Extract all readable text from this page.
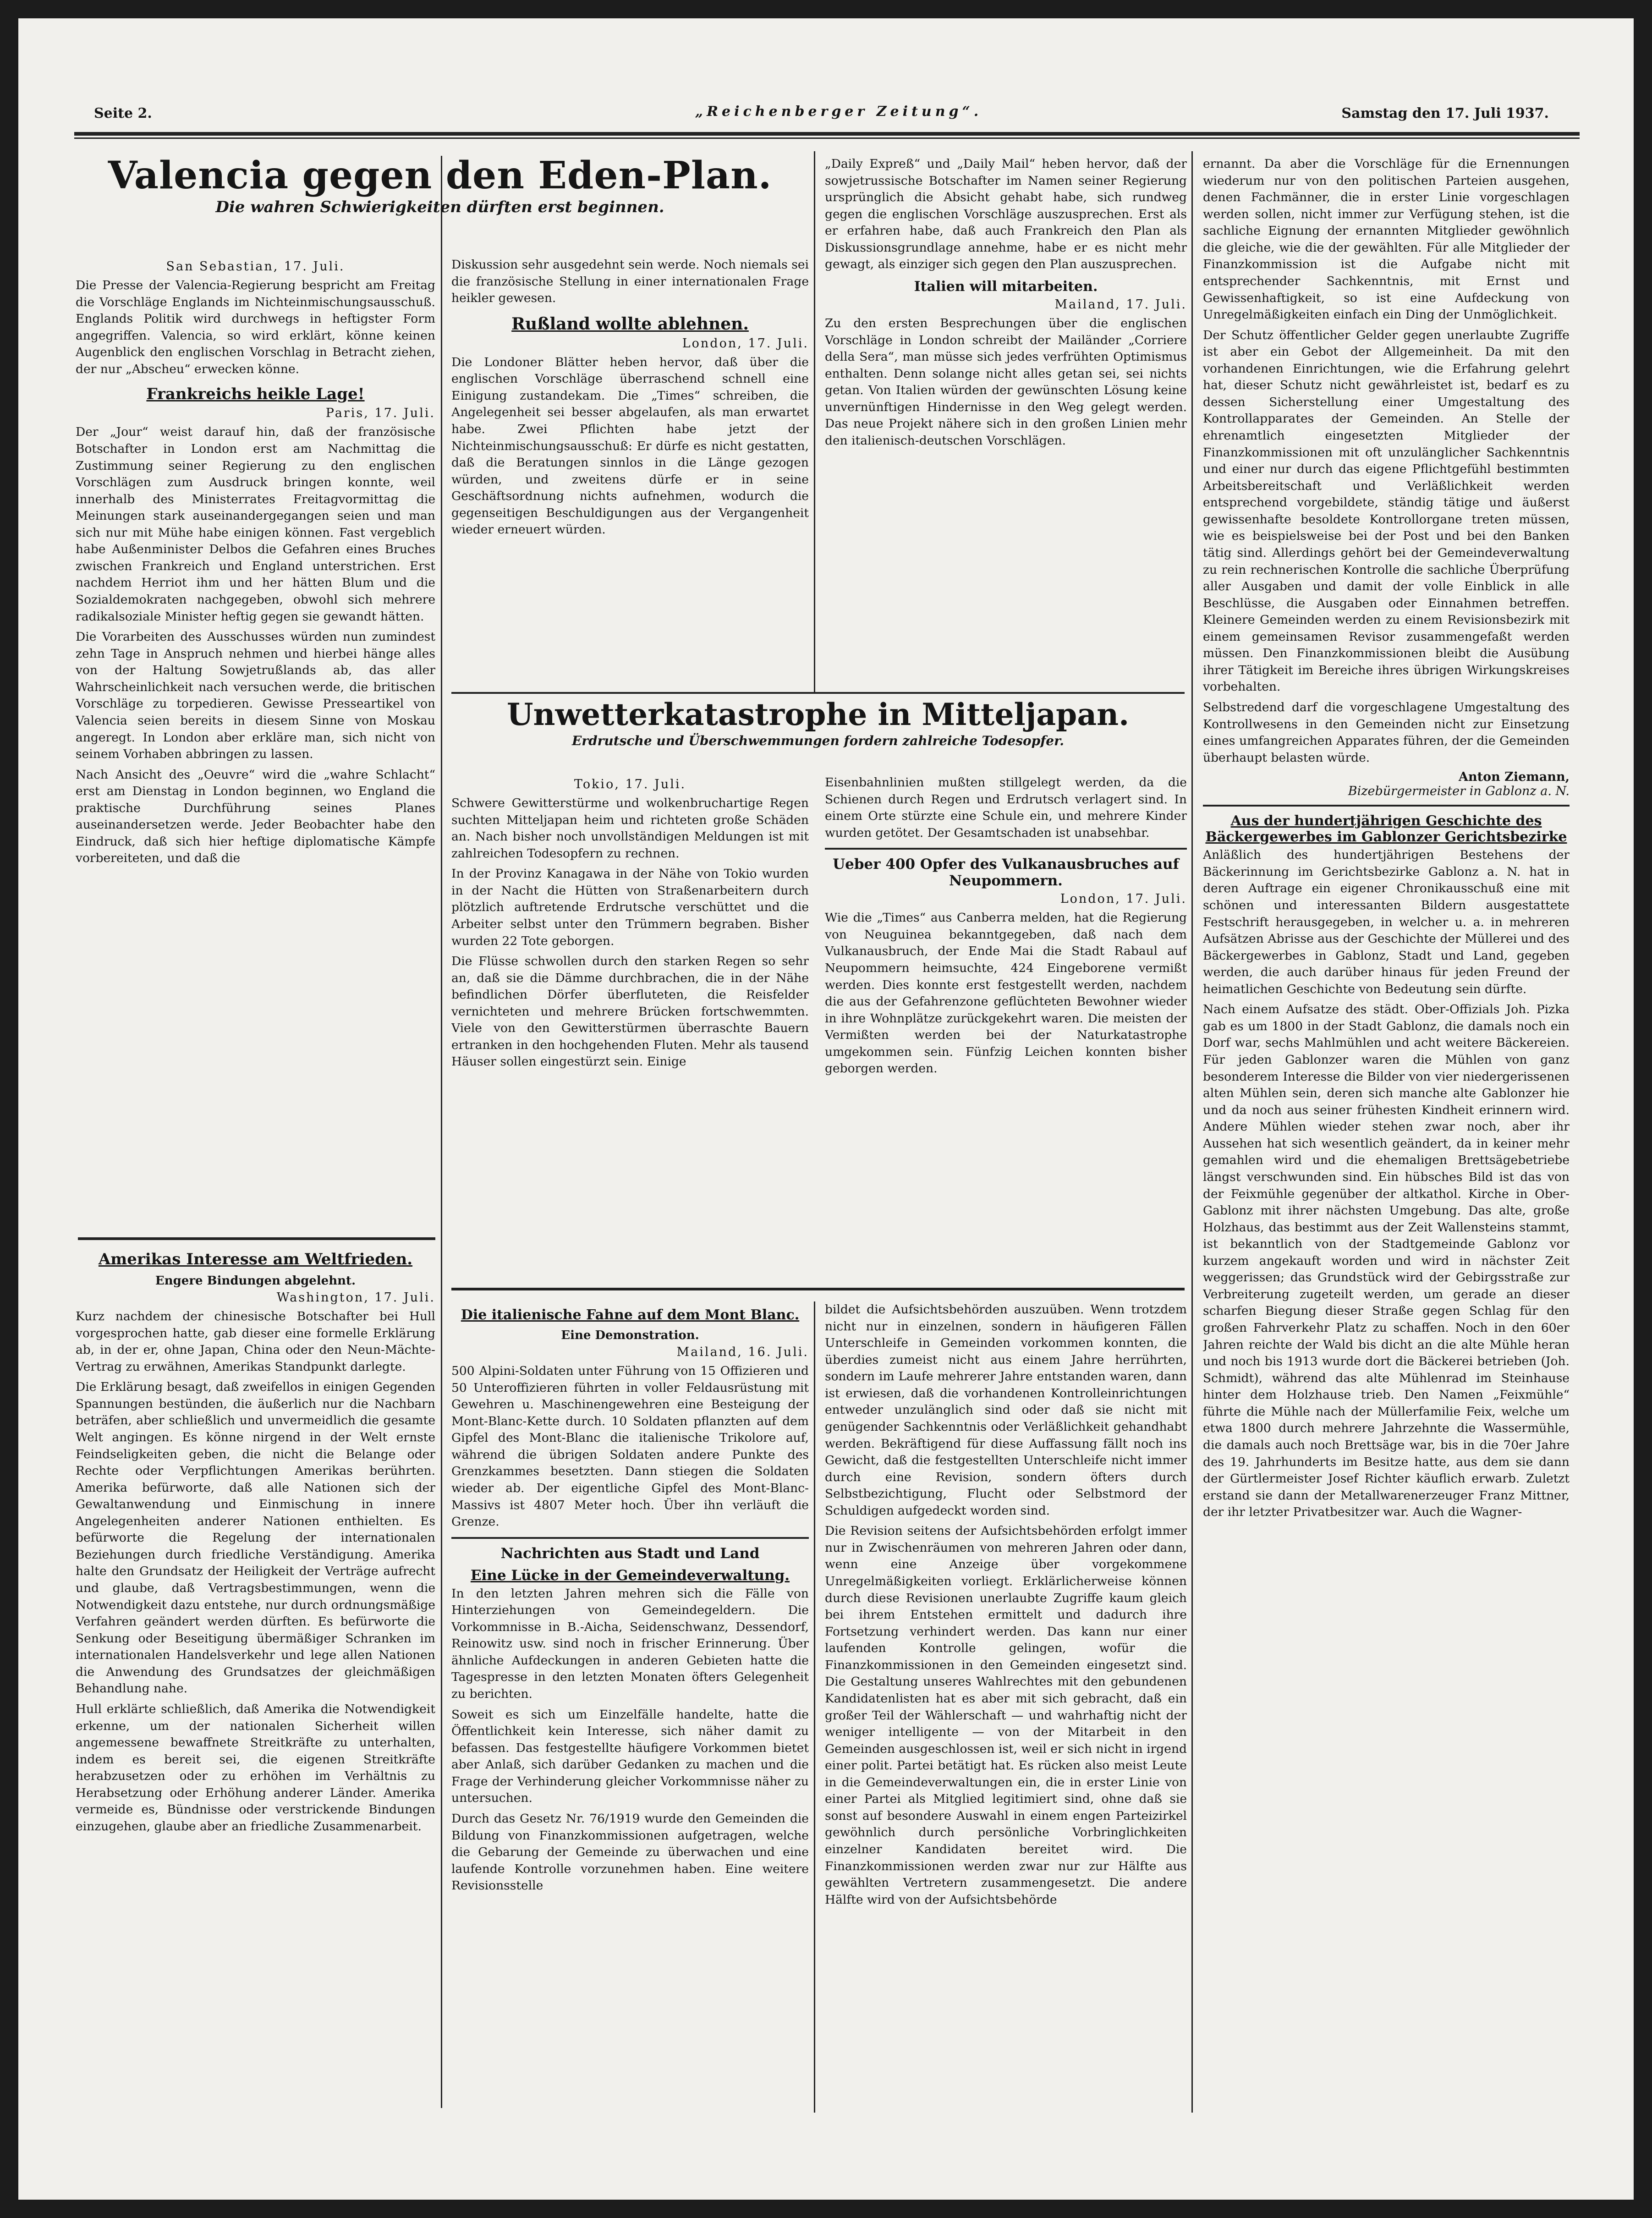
Seite 2.	„Reichenberger Zeitung“.	Samstag den 17. Juli 1937.
Valencia gegen den Eden-Plan.
Die wahren Schwierigkeiten dürften erst beginnen.
San Sebastian, 17. Juli.

Die Presse der Valencia-Regierung bespricht am Freitag die Vorschläge Englands im Nichteinmischungsausschuß. Englands Politik wird durchwegs in heftigster Form angegriffen. Valencia, so wird erklärt, könne keinen Augenblick den englischen Vorschlag in Betracht ziehen, der nur „Abscheu“ erwecken könne.

Frankreichs heikle Lage!
Paris, 17. Juli.

Der „Jour“ weist darauf hin, daß der französische Botschafter in London erst am Nachmittag die Zustimmung seiner Regierung zu den englischen Vorschlägen zum Ausdruck bringen konnte, weil innerhalb des Ministerrates Freitagvormittag die Meinungen stark auseinandergegangen seien und man sich nur mit Mühe habe einigen können. Fast vergeblich habe Außenminister Delbos die Gefahren eines Bruches zwischen Frankreich und England unterstrichen. Erst nachdem Herriot ihm und her hätten Blum und die Sozialdemokraten nachgegeben, obwohl sich mehrere radikalsoziale Minister heftig gegen sie gewandt hätten.

Die Vorarbeiten des Ausschusses würden nun zumindest zehn Tage in Anspruch nehmen und hierbei hänge alles von der Haltung Sowjetrußlands ab, das aller Wahrscheinlichkeit nach versuchen werde, die britischen Vorschläge zu torpedieren. Gewisse Presseartikel von Valencia seien bereits in diesem Sinne von Moskau angeregt. In London aber erkläre man, sich nicht von seinem Vorhaben abbringen zu lassen.

Nach Ansicht des „Oeuvre“ wird die „wahre Schlacht“ erst am Dienstag in London beginnen, wo England die praktische Durchführung seines Planes auseinandersetzen werde. Jeder Beobachter habe den Eindruck, daß sich hier heftige diplomatische Kämpfe vorbereiteten, und daß die

Amerikas Interesse am Weltfrieden.
Engere Bindungen abgelehnt.
Washington, 17. Juli.

Kurz nachdem der chinesische Botschafter bei Hull vorgesprochen hatte, gab dieser eine formelle Erklärung ab, in der er, ohne Japan, China oder den Neun-Mächte-Vertrag zu erwähnen, Amerikas Standpunkt darlegte.

Die Erklärung besagt, daß zweifellos in einigen Gegenden Spannungen bestünden, die äußerlich nur die Nachbarn beträfen, aber schließlich und unvermeidlich die gesamte Welt angingen. Es könne nirgend in der Welt ernste Feindseligkeiten geben, die nicht die Belange oder Rechte oder Verpflichtungen Amerikas berührten. Amerika befürworte, daß alle Nationen sich der Gewaltanwendung und Einmischung in innere Angelegenheiten anderer Nationen enthielten. Es befürworte die Regelung der internationalen Beziehungen durch friedliche Verständigung. Amerika halte den Grundsatz der Heiligkeit der Verträge aufrecht und glaube, daß Vertragsbestimmungen, wenn die Notwendigkeit dazu entstehe, nur durch ordnungsmäßige Verfahren geändert werden dürften. Es befürworte die Senkung oder Beseitigung übermäßiger Schranken im internationalen Handelsverkehr und lege allen Nationen die Anwendung des Grundsatzes der gleichmäßigen Behandlung nahe.

Hull erklärte schließlich, daß Amerika die Notwendigkeit erkenne, um der nationalen Sicherheit willen angemessene bewaffnete Streitkräfte zu unterhalten, indem es bereit sei, die eigenen Streitkräfte herabzusetzen oder zu erhöhen im Verhältnis zu Herabsetzung oder Erhöhung anderer Länder. Amerika vermeide es, Bündnisse oder verstrickende Bindungen einzugehen, glaube aber an friedliche Zusammenarbeit.

Diskussion sehr ausgedehnt sein werde. Noch niemals sei die französische Stellung in einer internationalen Frage heikler gewesen.

Rußland wollte ablehnen.
London, 17. Juli.

Die Londoner Blätter heben hervor, daß über die englischen Vorschläge überraschend schnell eine Einigung zustandekam. Die „Times“ schreiben, die Angelegenheit sei besser abgelaufen, als man erwartet habe. Zwei Pflichten habe jetzt der Nichteinmischungsausschuß: Er dürfe es nicht gestatten, daß die Beratungen sinnlos in die Länge gezogen würden, und zweitens dürfe er in seine Geschäftsordnung nichts aufnehmen, wodurch die gegenseitigen Beschuldigungen aus der Vergangenheit wieder erneuert würden.

„Daily Expreß“ und „Daily Mail“ heben hervor, daß der sowjetrussische Botschafter im Namen seiner Regierung ursprünglich die Absicht gehabt habe, sich rundweg gegen die englischen Vorschläge auszusprechen. Erst als er erfahren habe, daß auch Frankreich den Plan als Diskussionsgrundlage annehme, habe er es nicht mehr gewagt, als einziger sich gegen den Plan auszusprechen.

Italien will mitarbeiten.
Mailand, 17. Juli.

Zu den ersten Besprechungen über die englischen Vorschläge in London schreibt der Mailänder „Corriere della Sera“, man müsse sich jedes verfrühten Optimismus enthalten. Denn solange nicht alles getan sei, sei nichts getan. Von Italien würden der gewünschten Lösung keine unvernünftigen Hindernisse in den Weg gelegt werden. Das neue Projekt nähere sich in den großen Linien mehr den italienisch-deutschen Vorschlägen.

Unwetterkatastrophe in Mitteljapan.
Erdrutsche und Überschwemmungen fordern zahlreiche Todesopfer.
Tokio, 17. Juli.

Schwere Gewitterstürme und wolkenbruchartige Regen suchten Mitteljapan heim und richteten große Schäden an. Nach bisher noch unvollständigen Meldungen ist mit zahlreichen Todesopfern zu rechnen.

In der Provinz Kanagawa in der Nähe von Tokio wurden in der Nacht die Hütten von Straßenarbeitern durch plötzlich auftretende Erdrutsche verschüttet und die Arbeiter selbst unter den Trümmern begraben. Bisher wurden 22 Tote geborgen.

Die Flüsse schwollen durch den starken Regen so sehr an, daß sie die Dämme durchbrachen, die in der Nähe befindlichen Dörfer überfluteten, die Reisfelder vernichteten und mehrere Brücken fortschwemmten. Viele von den Gewitterstürmen überraschte Bauern ertranken in den hochgehenden Fluten. Mehr als tausend Häuser sollen eingestürzt sein. Einige

Eisenbahnlinien mußten stillgelegt werden, da die Schienen durch Regen und Erdrutsch verlagert sind. In einem Orte stürzte eine Schule ein, und mehrere Kinder wurden getötet. Der Gesamtschaden ist unabsehbar.

Ueber 400 Opfer des Vulkanausbruches auf Neupommern.
London, 17. Juli.

Wie die „Times“ aus Canberra melden, hat die Regierung von Neuguinea bekanntgegeben, daß nach dem Vulkanausbruch, der Ende Mai die Stadt Rabaul auf Neupommern heimsuchte, 424 Eingeborene vermißt werden. Dies konnte erst festgestellt werden, nachdem die aus der Gefahrenzone geflüchteten Bewohner wieder in ihre Wohnplätze zurückgekehrt waren. Die meisten der Vermißten werden bei der Naturkatastrophe umgekommen sein. Fünfzig Leichen konnten bisher geborgen werden.

Die italienische Fahne auf dem Mont Blanc.
Eine Demonstration.
Mailand, 16. Juli.

500 Alpini-Soldaten unter Führung von 15 Offizieren und 50 Unteroffizieren führten in voller Feldausrüstung mit Gewehren u. Maschinengewehren eine Besteigung der Mont-Blanc-Kette durch. 10 Soldaten pflanzten auf dem Gipfel des Mont-Blanc die italienische Trikolore auf, während die übrigen Soldaten andere Punkte des Grenzkammes besetzten. Dann stiegen die Soldaten wieder ab. Der eigentliche Gipfel des Mont-Blanc-Massivs ist 4807 Meter hoch. Über ihn verläuft die Grenze.

Nachrichten aus Stadt und Land
Eine Lücke in der Gemeindeverwaltung.

In den letzten Jahren mehren sich die Fälle von Hinterziehungen von Gemeindegeldern. Die Vorkommnisse in B.-Aicha, Seidenschwanz, Dessendorf, Reinowitz usw. sind noch in frischer Erinnerung. Über ähnliche Aufdeckungen in anderen Gebieten hatte die Tagespresse in den letzten Monaten öfters Gelegenheit zu berichten.

Soweit es sich um Einzelfälle handelte, hatte die Öffentlichkeit kein Interesse, sich näher damit zu befassen. Das festgestellte häufigere Vorkommen bietet aber Anlaß, sich darüber Gedanken zu machen und die Frage der Verhinderung gleicher Vorkommnisse näher zu untersuchen.

Durch das Gesetz Nr. 76/1919 wurde den Gemeinden die Bildung von Finanzkommissionen aufgetragen, welche die Gebarung der Gemeinde zu überwachen und eine laufende Kontrolle vorzunehmen haben. Eine weitere Revisionsstelle

bildet die Aufsichtsbehörden auszuüben. Wenn trotzdem nicht nur in einzelnen, sondern in häufigeren Fällen Unterschleife in Gemeinden vorkommen konnten, die überdies zumeist nicht aus einem Jahre herrührten, sondern im Laufe mehrerer Jahre entstanden waren, dann ist erwiesen, daß die vorhandenen Kontrolleinrichtungen entweder unzulänglich sind oder daß sie nicht mit genügender Sachkenntnis oder Verläßlichkeit gehandhabt werden. Bekräftigend für diese Auffassung fällt noch ins Gewicht, daß die festgestellten Unterschleife nicht immer durch eine Revision, sondern öfters durch Selbstbezichtigung, Flucht oder Selbstmord der Schuldigen aufgedeckt worden sind.

Die Revision seitens der Aufsichtsbehörden erfolgt immer nur in Zwischenräumen von mehreren Jahren oder dann, wenn eine Anzeige über vorgekommene Unregelmäßigkeiten vorliegt. Erklärlicherweise können durch diese Revisionen unerlaubte Zugriffe kaum gleich bei ihrem Entstehen ermittelt und dadurch ihre Fortsetzung verhindert werden. Das kann nur einer laufenden Kontrolle gelingen, wofür die Finanzkommissionen in den Gemeinden eingesetzt sind. Die Gestaltung unseres Wahlrechtes mit den gebundenen Kandidatenlisten hat es aber mit sich gebracht, daß ein großer Teil der Wählerschaft — und wahrhaftig nicht der weniger intelligente — von der Mitarbeit in den Gemeinden ausgeschlossen ist, weil er sich nicht in irgend einer polit. Partei betätigt hat. Es rücken also meist Leute in die Gemeindeverwaltungen ein, die in erster Linie von einer Partei als Mitglied legitimiert sind, ohne daß sie sonst auf besondere Auswahl in einem engen Parteizirkel gewöhnlich durch persönliche Vorbringlichkeiten einzelner Kandidaten bereitet wird. Die Finanzkommissionen werden zwar nur zur Hälfte aus gewählten Vertretern zusammengesetzt. Die andere Hälfte wird von der Aufsichtsbehörde

ernannt. Da aber die Vorschläge für die Ernennungen wiederum nur von den politischen Parteien ausgehen, denen Fachmänner, die in erster Linie vorgeschlagen werden sollen, nicht immer zur Verfügung stehen, ist die sachliche Eignung der ernannten Mitglieder gewöhnlich die gleiche, wie die der gewählten. Für alle Mitglieder der Finanzkommission ist die Aufgabe nicht mit entsprechender Sachkenntnis, mit Ernst und Gewissenhaftigkeit, so ist eine Aufdeckung von Unregelmäßigkeiten einfach ein Ding der Unmöglichkeit.

Der Schutz öffentlicher Gelder gegen unerlaubte Zugriffe ist aber ein Gebot der Allgemeinheit. Da mit den vorhandenen Einrichtungen, wie die Erfahrung gelehrt hat, dieser Schutz nicht gewährleistet ist, bedarf es zu dessen Sicherstellung einer Umgestaltung des Kontrollapparates der Gemeinden. An Stelle der ehrenamtlich eingesetzten Mitglieder der Finanzkommissionen mit oft unzulänglicher Sachkenntnis und einer nur durch das eigene Pflichtgefühl bestimmten Arbeitsbereitschaft und Verläßlichkeit werden entsprechend vorgebildete, ständig tätige und äußerst gewissenhafte besoldete Kontrollorgane treten müssen, wie es beispielsweise bei der Post und bei den Banken tätig sind. Allerdings gehört bei der Gemeindeverwaltung zu rein rechnerischen Kontrolle die sachliche Überprüfung aller Ausgaben und damit der volle Einblick in alle Beschlüsse, die Ausgaben oder Einnahmen betreffen. Kleinere Gemeinden werden zu einem Revisionsbezirk mit einem gemeinsamen Revisor zusammengefaßt werden müssen. Den Finanzkommissionen bleibt die Ausübung ihrer Tätigkeit im Bereiche ihres übrigen Wirkungskreises vorbehalten.

Selbstredend darf die vorgeschlagene Umgestaltung des Kontrollwesens in den Gemeinden nicht zur Einsetzung eines umfangreichen Apparates führen, der die Gemeinden überhaupt belasten würde.

Anton Ziemann,
Bizebürgermeister in Gablonz a. N.
Aus der hundertjährigen Geschichte des Bäckergewerbes im Gablonzer Gerichtsbezirke

Anläßlich des hundertjährigen Bestehens der Bäckerinnung im Gerichtsbezirke Gablonz a. N. hat in deren Auftrage ein eigener Chronikausschuß eine mit schönen und interessanten Bildern ausgestattete Festschrift herausgegeben, in welcher u. a. in mehreren Aufsätzen Abrisse aus der Geschichte der Müllerei und des Bäckergewerbes in Gablonz, Stadt und Land, gegeben werden, die auch darüber hinaus für jeden Freund der heimatlichen Geschichte von Bedeutung sein dürfte.

Nach einem Aufsatze des städt. Ober-Offizials Joh. Pizka gab es um 1800 in der Stadt Gablonz, die damals noch ein Dorf war, sechs Mahlmühlen und acht weitere Bäckereien. Für jeden Gablonzer waren die Mühlen von ganz besonderem Interesse die Bilder von vier niedergerissenen alten Mühlen sein, deren sich manche alte Gablonzer hie und da noch aus seiner frühesten Kindheit erinnern wird. Andere Mühlen wieder stehen zwar noch, aber ihr Aussehen hat sich wesentlich geändert, da in keiner mehr gemahlen wird und die ehemaligen Brettsägebetriebe längst verschwunden sind. Ein hübsches Bild ist das von der Feixmühle gegenüber der altkathol. Kirche in Ober-Gablonz mit ihrer nächsten Umgebung. Das alte, große Holzhaus, das bestimmt aus der Zeit Wallensteins stammt, ist bekanntlich von der Stadtgemeinde Gablonz vor kurzem angekauft worden und wird in nächster Zeit weggerissen; das Grundstück wird der Gebirgsstraße zur Verbreiterung zugeteilt werden, um gerade an dieser scharfen Biegung dieser Straße gegen Schlag für den großen Fahrverkehr Platz zu schaffen. Noch in den 60er Jahren reichte der Wald bis dicht an die alte Mühle heran und noch bis 1913 wurde dort die Bäckerei betrieben (Joh. Schmidt), während das alte Mühlenrad im Steinhause hinter dem Holzhause trieb. Den Namen „Feixmühle“ führte die Mühle nach der Müllerfamilie Feix, welche um etwa 1800 durch mehrere Jahrzehnte die Wassermühle, die damals auch noch Brettsäge war, bis in die 70er Jahre des 19. Jahrhunderts im Besitze hatte, aus dem sie dann der Gürtlermeister Josef Richter käuflich erwarb. Zuletzt erstand sie dann der Metallwarenerzeuger Franz Mittner, der ihr letzter Privatbesitzer war. Auch die Wagner-
